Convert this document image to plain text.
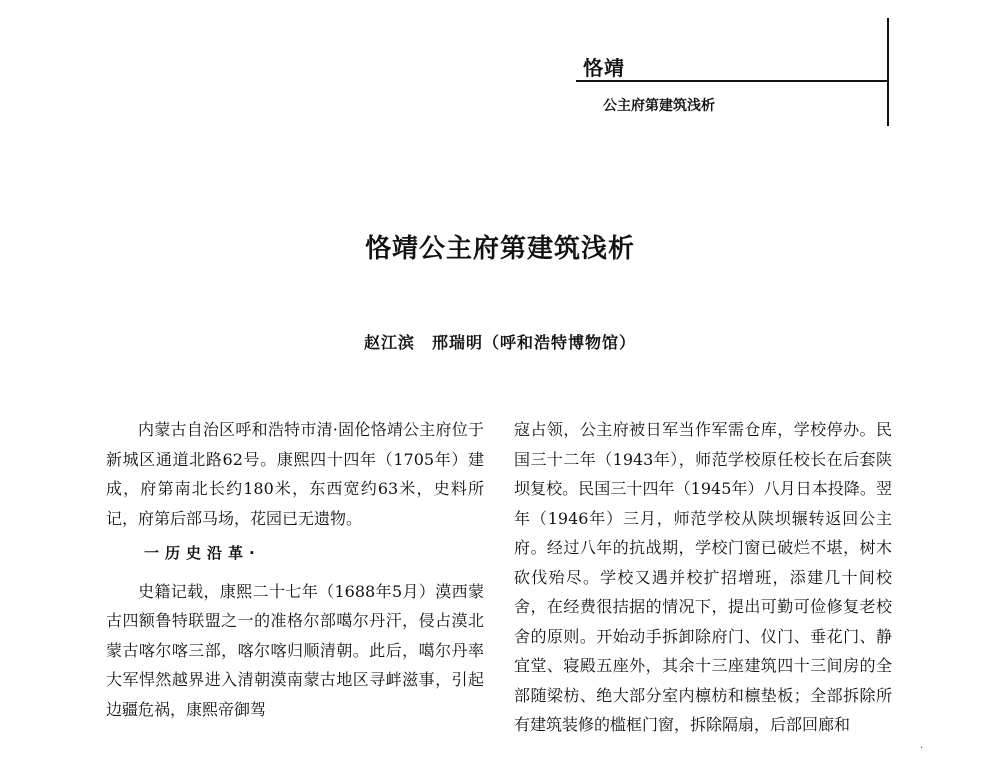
恪靖
公主府第建筑浅析
恪靖公主府第建筑浅析
赵江滨　邢瑞明（呼和浩特博物馆）

内蒙古自治区呼和浩特市清·固伦恪靖公主府位于新城区通道北路62号。康熙四十四年（1705年）建成，府第南北长约180米，东西宽约63米，史料所记，府第后部马场，花园已无遗物。

一历史沿革·

史籍记载，康熙二十七年（1688年5月）漠西蒙古四额鲁特联盟之一的准格尔部噶尔丹汗，侵占漠北蒙古喀尔喀三部，喀尔喀归顺清朝。此后，噶尔丹率大军悍然越界进入清朝漠南蒙古地区寻衅滋事，引起边疆危祸，康熙帝御驾

寇占领，公主府被日军当作军需仓库，学校停办。民国三十二年（1943年），师范学校原任校长在后套陕坝复校。民国三十四年（1945年）八月日本投降。翌年（1946年）三月，师范学校从陕坝辗转返回公主府。经过八年的抗战期，学校门窗已破烂不堪，树木砍伐殆尽。学校又遇并校扩招增班，添建几十间校舍，在经费很拮据的情况下，提出可勤可俭修复老校舍的原则。开始动手拆卸除府门、仪门、垂花门、静宜堂、寝殿五座外，其余十三座建筑四十三间房的全部随梁枋、绝大部分室内檩枋和檩垫板；全部拆除所有建筑装修的槛框门窗，拆除隔扇，后部回廊和

·
